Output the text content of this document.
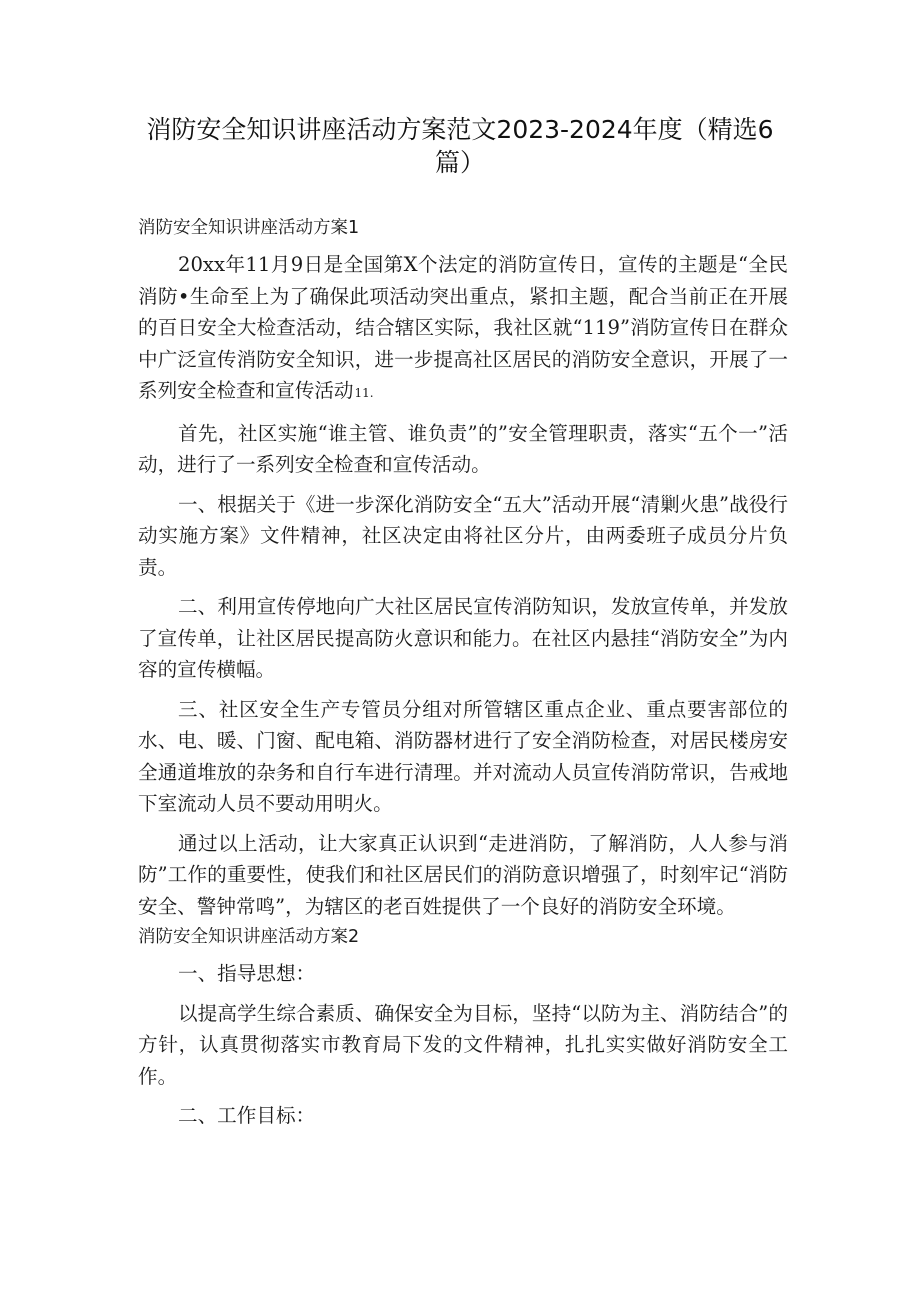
消防安全知识讲座活动方案范文2023-2024年度（精选6
篇）

消防安全知识讲座活动方案1

20xx年11月9日是全国第X个法定的消防宣传日，宣传的主题是“全民消防•生命至上为了确保此项活动突出重点，紧扣主题，配合当前正在开展的百日安全大检查活动，结合辖区实际，我社区就“119”消防宣传日在群众中广泛宣传消防安全知识，进一步提高社区居民的消防安全意识，开展了一系列安全检查和宣传活动11.

首先，社区实施“谁主管、谁负责”的”安全管理职责，落实“五个一”活动，进行了一系列安全检查和宣传活动。

一、根据关于《进一步深化消防安全“五大”活动开展“清剿火患”战役行动实施方案》文件精神，社区决定由将社区分片，由两委班子成员分片负责。

二、利用宣传停地向广大社区居民宣传消防知识，发放宣传单，并发放了宣传单，让社区居民提高防火意识和能力。在社区内悬挂“消防安全”为内容的宣传横幅。

三、社区安全生产专管员分组对所管辖区重点企业、重点要害部位的水、电、暖、门窗、配电箱、消防器材进行了安全消防检查，对居民楼房安全通道堆放的杂务和自行车进行清理。并对流动人员宣传消防常识，告戒地下室流动人员不要动用明火。

通过以上活动，让大家真正认识到“走进消防，了解消防，人人参与消防”工作的重要性，使我们和社区居民们的消防意识增强了，时刻牢记“消防安全、警钟常鸣”，为辖区的老百姓提供了一个良好的消防安全环境。

消防安全知识讲座活动方案2

一、指导思想：

以提高学生综合素质、确保安全为目标，坚持“以防为主、消防结合”的方针，认真贯彻落实市教育局下发的文件精神，扎扎实实做好消防安全工作。

二、工作目标：
